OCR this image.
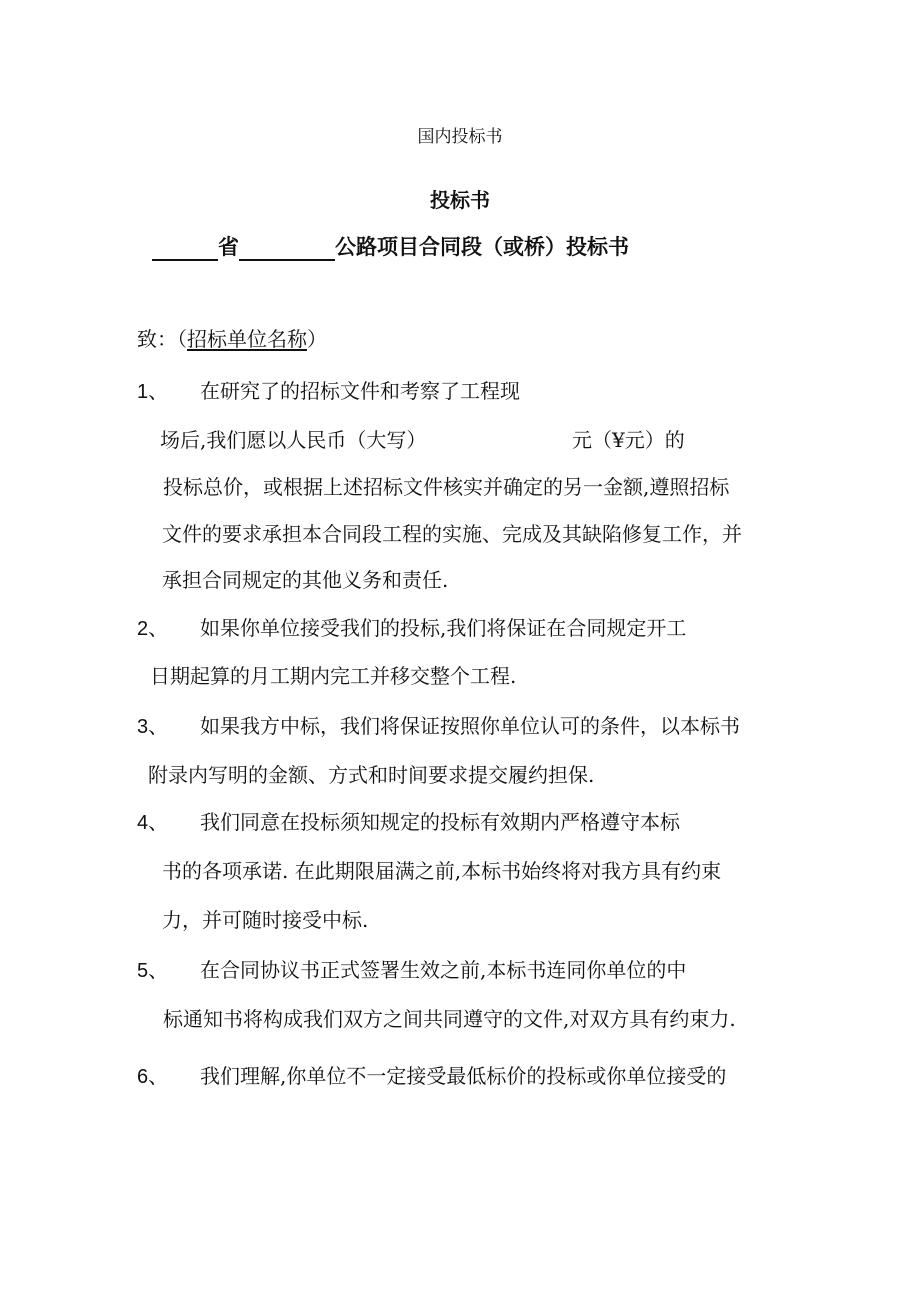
国内投标书
投标书
省	公路项目合同段（或桥）投标书
致：（招标单位名称）
1、 在研究了的招标文件和考察了工程现
场后,我们愿以人民币（大写）	元（¥元）的
投标总价，或根据上述招标文件核实并确定的另一金额,遵照招标
文件的要求承担本合同段工程的实施、完成及其缺陷修复工作，并
承担合同规定的其他义务和责任.
2、 如果你单位接受我们的投标,我们将保证在合同规定开工
日期起算的月工期内完工并移交整个工程.
3、 如果我方中标，我们将保证按照你单位认可的条件，以本标书
附录内写明的金额、方式和时间要求提交履约担保.
4、 我们同意在投标须知规定的投标有效期内严格遵守本标
书的各项承诺. 在此期限届满之前,本标书始终将对我方具有约束
力，并可随时接受中标.
5、 在合同协议书正式签署生效之前,本标书连同你单位的中
标通知书将构成我们双方之间共同遵守的文件,对双方具有约束力.
6、 我们理解,你单位不一定接受最低标价的投标或你单位接受的
